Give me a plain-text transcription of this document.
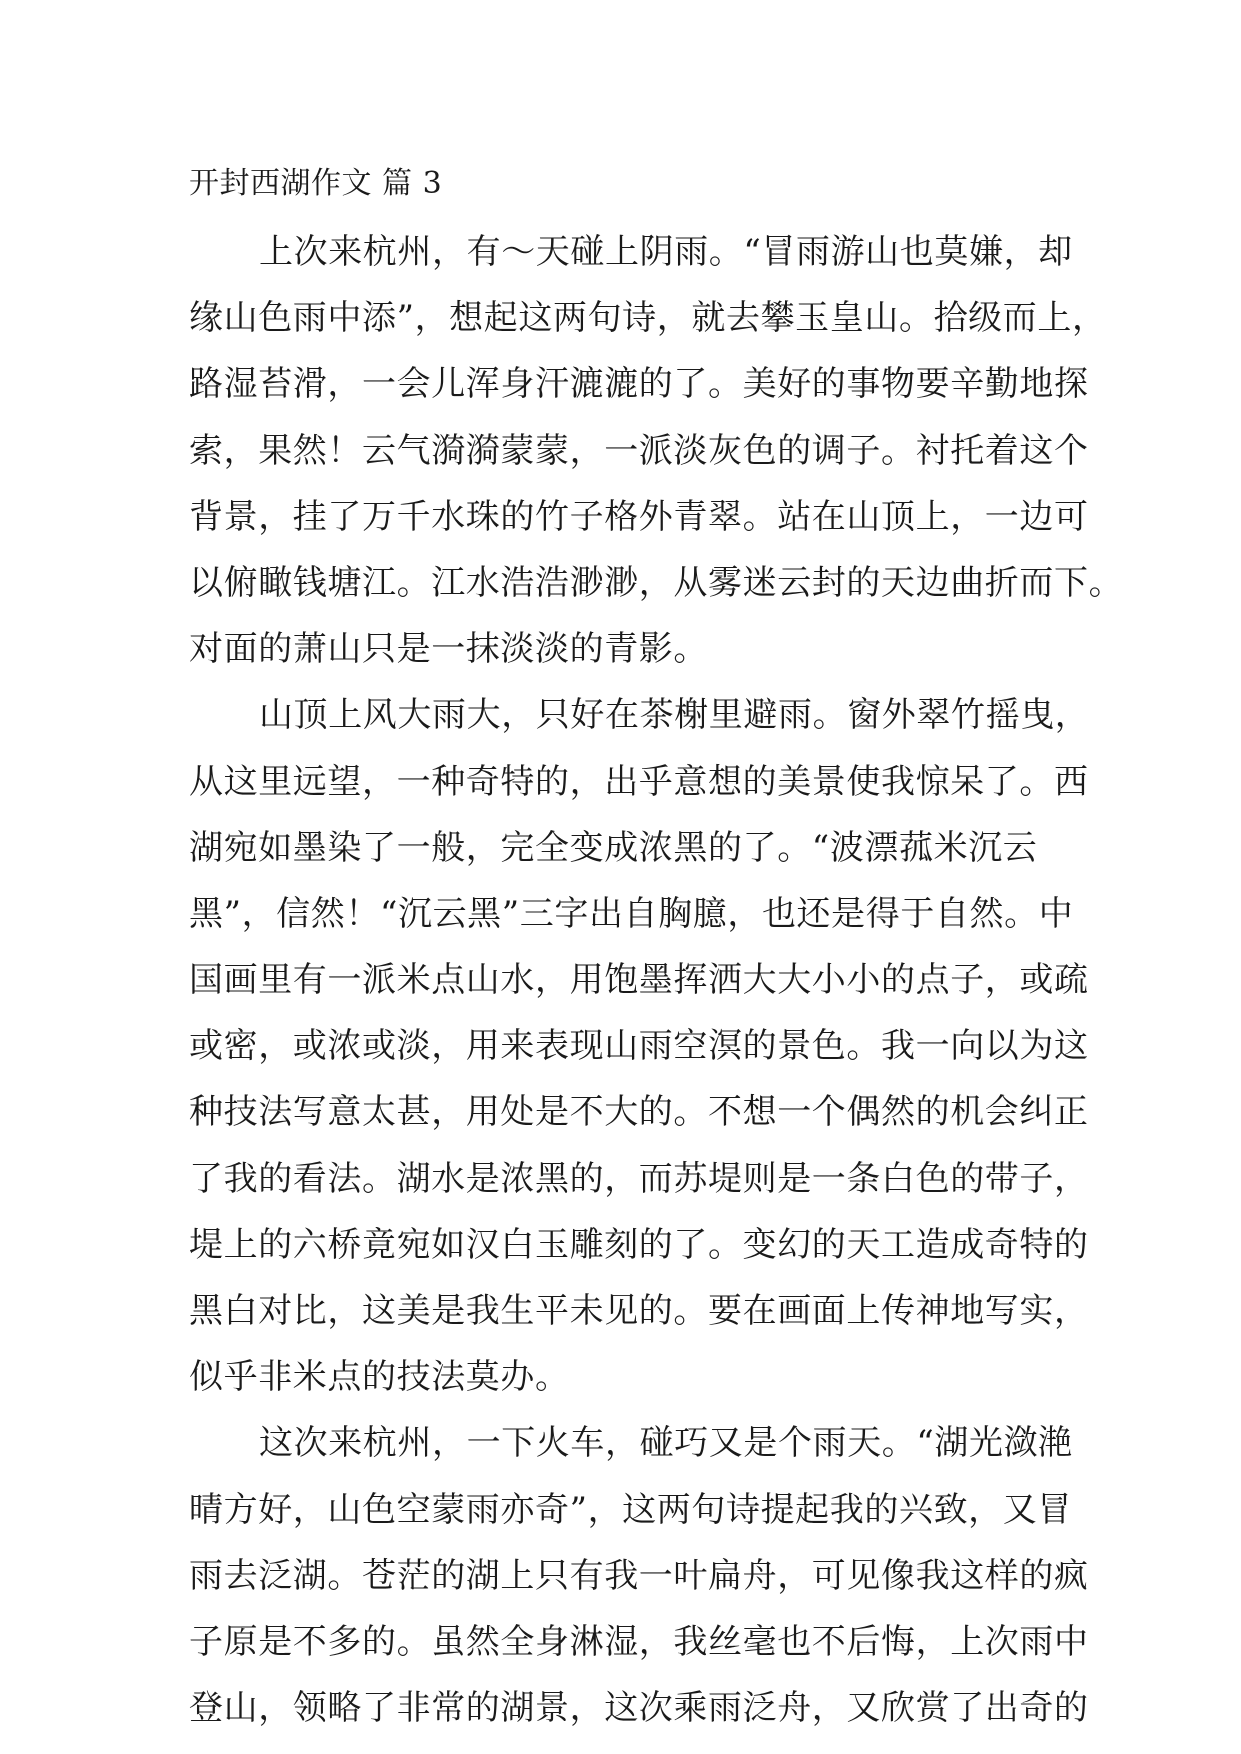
开封西湖作文 篇 3
上次来杭州，有～天碰上阴雨。“冒雨游山也莫嫌，却
缘山色雨中添”，想起这两句诗，就去攀玉皇山。拾级而上，
路湿苔滑，一会儿浑身汗漉漉的了。美好的事物要辛勤地探
索，果然！云气漪漪蒙蒙，一派淡灰色的调子。衬托着这个
背景，挂了万千水珠的竹子格外青翠。站在山顶上，一边可
以俯瞰钱塘江。江水浩浩渺渺，从雾迷云封的天边曲折而下。
对面的萧山只是一抹淡淡的青影。
山顶上风大雨大，只好在茶榭里避雨。窗外翠竹摇曳，
从这里远望，一种奇特的，出乎意想的美景使我惊呆了。西
湖宛如墨染了一般，完全变成浓黑的了。“波漂菰米沉云
黑”，信然！“沉云黑”三字出自胸臆，也还是得于自然。中
国画里有一派米点山水，用饱墨挥洒大大小小的点子，或疏
或密，或浓或淡，用来表现山雨空溟的景色。我一向以为这
种技法写意太甚，用处是不大的。不想一个偶然的机会纠正
了我的看法。湖水是浓黑的，而苏堤则是一条白色的带子，
堤上的六桥竟宛如汉白玉雕刻的了。变幻的天工造成奇特的
黑白对比，这美是我生平未见的。要在画面上传神地写实，
似乎非米点的技法莫办。
这次来杭州，一下火车，碰巧又是个雨天。“湖光潋滟
晴方好，山色空蒙雨亦奇”，这两句诗提起我的兴致，又冒
雨去泛湖。苍茫的湖上只有我一叶扁舟，可见像我这样的疯
子原是不多的。虽然全身淋湿，我丝毫也不后悔，上次雨中
登山，领略了非常的湖景，这次乘雨泛舟，又欣赏了出奇的
